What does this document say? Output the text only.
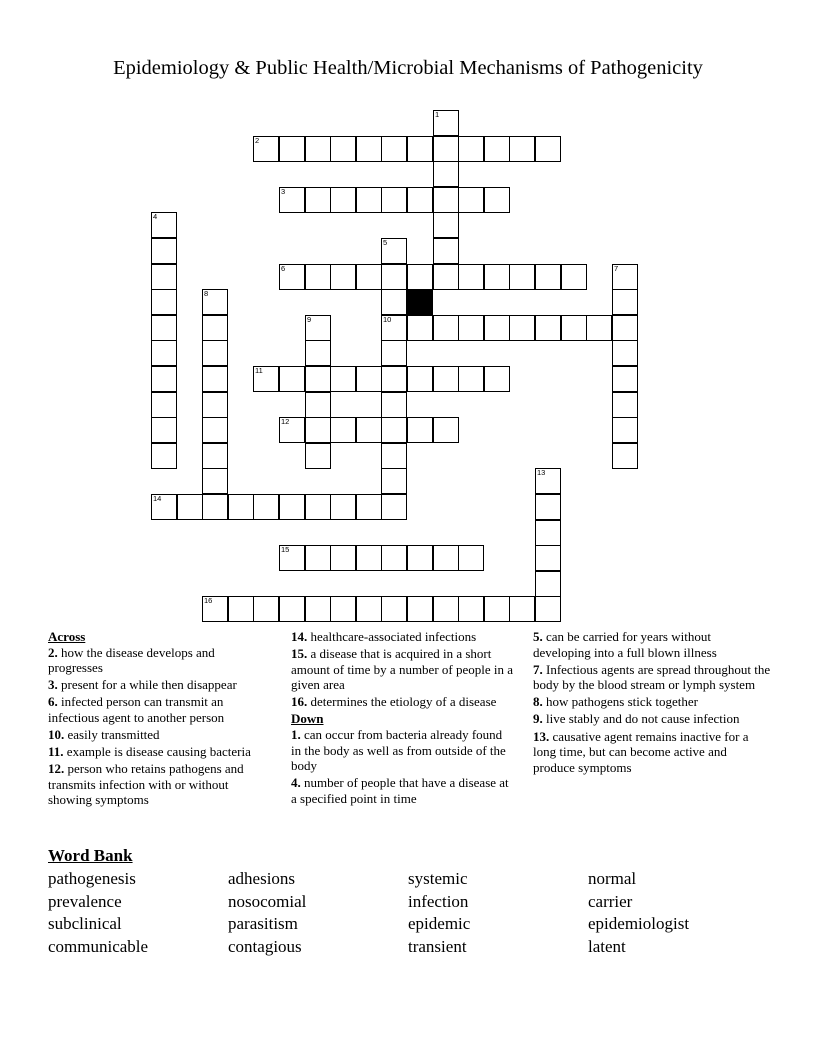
Epidemiology & Public Health/Microbial Mechanisms of Pathogenicity
1
2
3
4
5
10
6	7
8
9
11
12
13
14
15
16
Across
2. how the disease develops and progresses
3. present for a while then disappear
6. infected person can transmit an infectious agent to another person
10. easily transmitted
11. example is disease causing bacteria
12. person who retains pathogens and transmits infection with or without showing symptoms
14. healthcare-associated infections
15. a disease that is acquired in a short amount of time by a number of people in a given area
16. determines the etiology of a disease
Down
1. can occur from bacteria already found in the body as well as from outside of the body
4. number of people that have a disease at a specified point in time
5. can be carried for years without developing into a full blown illness
7. Infectious agents are spread throughout the body by the blood stream or lymph system
8. how pathogens stick together
9. live stably and do not cause infection
13. causative agent remains inactive for a long time, but can become active and produce symptoms
Word Bank
pathogenesis
prevalence
subclinical
communicable
adhesions
nosocomial
parasitism
contagious
systemic
infection
epidemic
transient
normal
carrier
epidemiologist
latent
